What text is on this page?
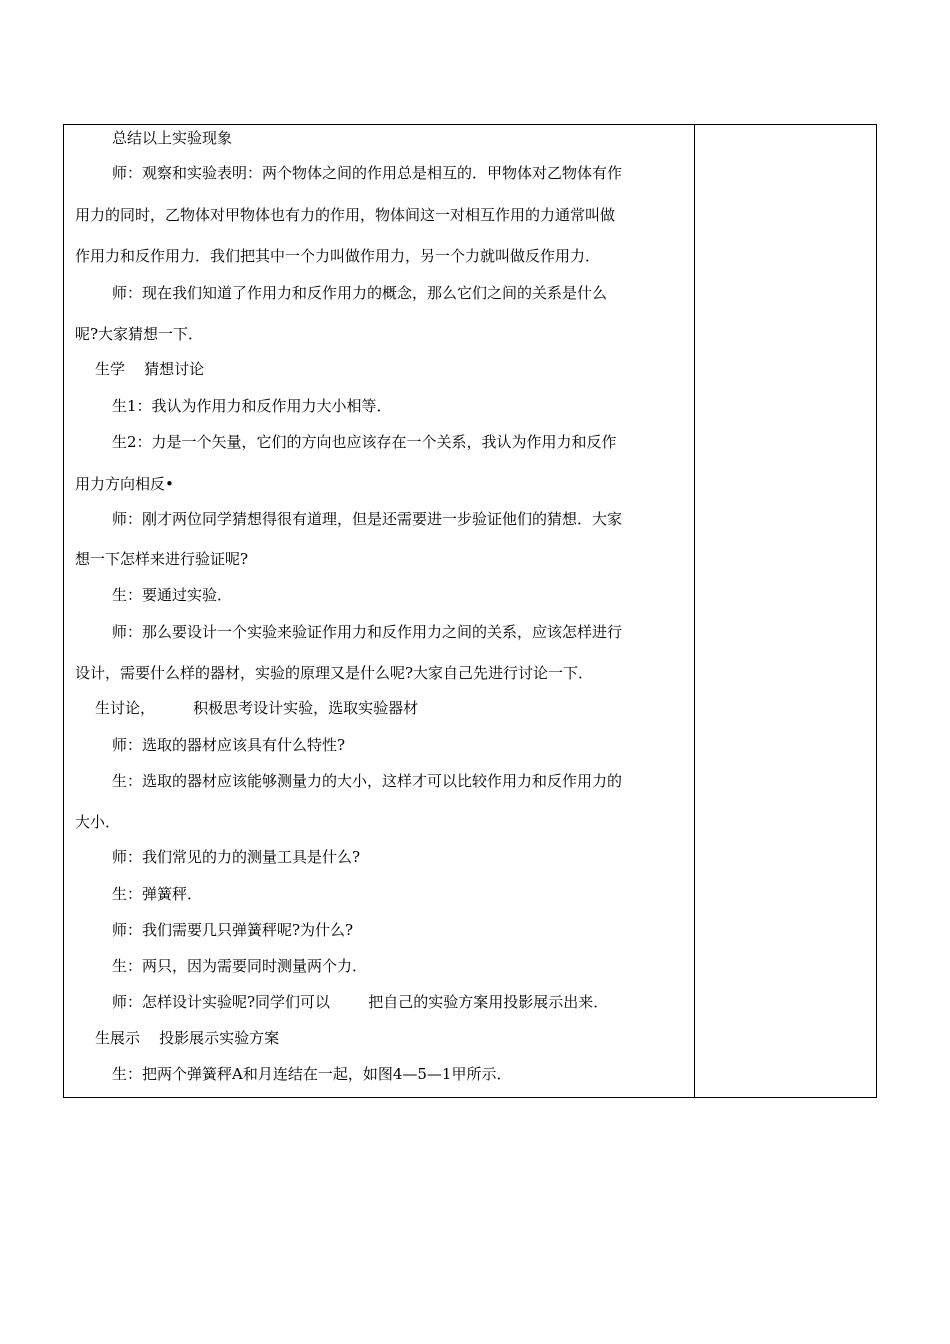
总结以上实验现象
师：观察和实验表明：两个物体之间的作用总是相互的．甲物体对乙物体有作
用力的同时，乙物体对甲物体也有力的作用，物体间这一对相互作用的力通常叫做
作用力和反作用力．我们把其中一个力叫做作用力，另一个力就叫做反作用力．
师：现在我们知道了作用力和反作用力的概念，那么它们之间的关系是什么
呢?大家猜想一下．
生学    猜想讨论
生1：我认为作用力和反作用力大小相等．
生2：力是一个矢量，它们的方向也应该存在一个关系，我认为作用力和反作
用力方向相反•
师：刚才两位同学猜想得很有道理，但是还需要进一步验证他们的猜想．大家
想一下怎样来进行验证呢?
生：要通过实验．
师：那么要设计一个实验来验证作用力和反作用力之间的关系，应该怎样进行
设计，需要什么样的器材，实验的原理又是什么呢?大家自己先进行讨论一下．
生讨论，        积极思考设计实验，选取实验器材
师：选取的器材应该具有什么特性?
生：选取的器材应该能够测量力的大小，这样才可以比较作用力和反作用力的
大小．
师：我们常见的力的测量工具是什么?
生：弹簧秤．
师：我们需要几只弹簧秤呢?为什么?
生：两只，因为需要同时测量两个力．
师：怎样设计实验呢?同学们可以        把自己的实验方案用投影展示出来．
生展示    投影展示实验方案
生：把两个弹簧秤A和月连结在一起，如图4—5—1甲所示．
